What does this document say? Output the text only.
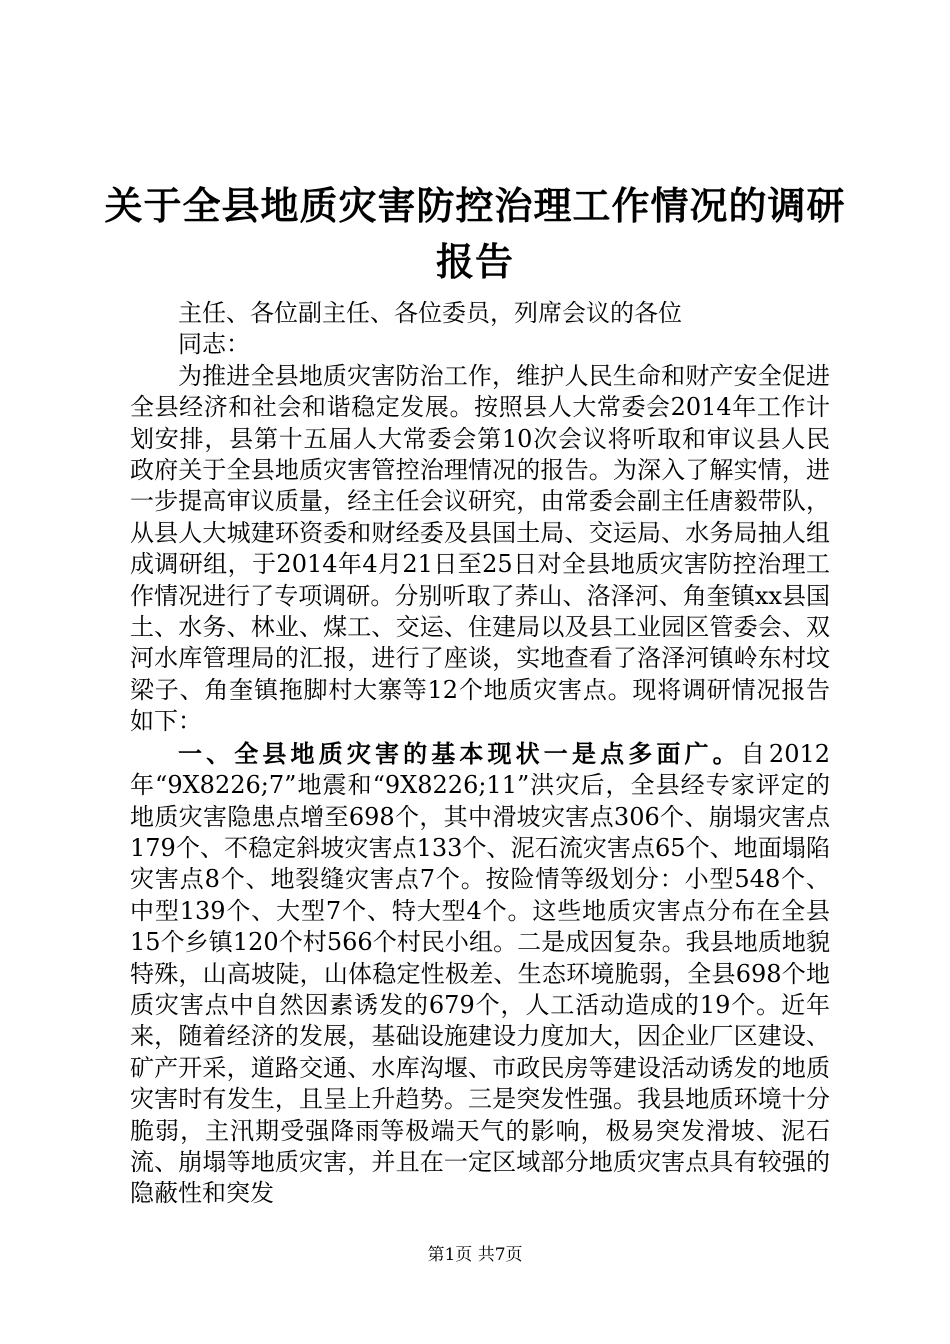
关于全县地质灾害防控治理工作情况的调研报告

主任、各位副主任、各位委员，列席会议的各位

同志：

为推进全县地质灾害防治工作，维护人民生命和财产安全促进全县经济和社会和谐稳定发展。按照县人大常委会2014年工作计划安排，县第十五届人大常委会第10次会议将听取和审议县人民政府关于全县地质灾害管控治理情况的报告。为深入了解实情，进一步提高审议质量，经主任会议研究，由常委会副主任唐毅带队，从县人大城建环资委和财经委及县国土局、交运局、水务局抽人组成调研组，于2014年4月21日至25日对全县地质灾害防控治理工作情况进行了专项调研。分别听取了荞山、洛泽河、角奎镇xx县国土、水务、林业、煤工、交运、住建局以及县工业园区管委会、双河水库管理局的汇报，进行了座谈，实地查看了洛泽河镇岭东村坟梁子、角奎镇拖脚村大寨等12个地质灾害点。现将调研情况报告如下：

一、全县地质灾害的基本现状一是点多面广。自2012年“9X8226;7”地震和“9X8226;11”洪灾后，全县经专家评定的地质灾害隐患点增至698个，其中滑坡灾害点306个、崩塌灾害点179个、不稳定斜坡灾害点133个、泥石流灾害点65个、地面塌陷灾害点8个、地裂缝灾害点7个。按险情等级划分：小型548个、中型139个、大型7个、特大型4个。这些地质灾害点分布在全县15个乡镇120个村566个村民小组。二是成因复杂。我县地质地貌特殊，山高坡陡，山体稳定性极差、生态环境脆弱，全县698个地质灾害点中自然因素诱发的679个，人工活动造成的19个。近年来，随着经济的发展，基础设施建设力度加大，因企业厂区建设、矿产开采，道路交通、水库沟堰、市政民房等建设活动诱发的地质灾害时有发生，且呈上升趋势。三是突发性强。我县地质环境十分脆弱，主汛期受强降雨等极端天气的影响，极易突发滑坡、泥石流、崩塌等地质灾害，并且在一定区域部分地质灾害点具有较强的隐蔽性和突发

第1页 共7页
